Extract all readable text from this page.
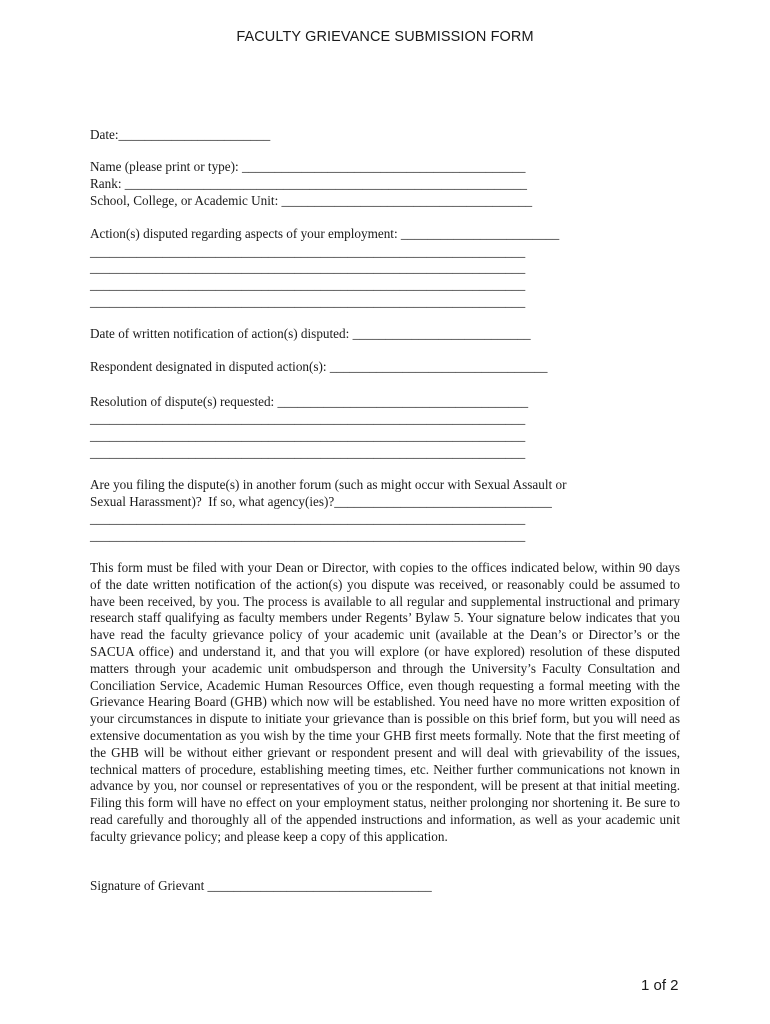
FACULTY GRIEVANCE SUBMISSION FORM
Date:_______________________
Name (please print or type): ___________________________________________
Rank: _____________________________________________________________
School, College, or Academic Unit: ______________________________________
Action(s) disputed regarding aspects of your employment: ________________________
__________________________________________________________________
__________________________________________________________________
__________________________________________________________________
__________________________________________________________________
Date of written notification of action(s) disputed: ___________________________
Respondent designated in disputed action(s): _________________________________
Resolution of dispute(s) requested: ______________________________________
__________________________________________________________________
__________________________________________________________________
__________________________________________________________________
Are you filing the dispute(s) in another forum (such as might occur with Sexual Assault or
Sexual Harassment)?  If so, what agency(ies)?_________________________________
__________________________________________________________________
__________________________________________________________________
This form must be filed with your Dean or Director, with copies to the offices indicated below, within 90 days of the date written notification of the action(s) you dispute was received, or reasonably could be assumed to have been received, by you. The process is available to all regular and supplemental instructional and primary research staff qualifying as faculty members under Regents’ Bylaw 5. Your signature below indicates that you have read the faculty grievance policy of your academic unit (available at the Dean’s or Director’s or the SACUA office) and understand it, and that you will explore (or have explored) resolution of these disputed matters through your academic unit ombudsperson and through the University’s Faculty Consultation and Conciliation Service, Academic Human Resources Office, even though requesting a formal meeting with the Grievance Hearing Board (GHB) which now will be established. You need have no more written exposition of your circumstances in dispute to initiate your grievance than is possible on this brief form, but you will need as extensive documentation as you wish by the time your GHB first meets formally. Note that the first meeting of the GHB will be without either grievant or respondent present and will deal with grievability of the issues, technical matters of procedure, establishing meeting times, etc. Neither further communications not known in advance by you, nor counsel or representatives of you or the respondent, will be present at that initial meeting. Filing this form will have no effect on your employment status, neither prolonging nor shortening it. Be sure to read carefully and thoroughly all of the appended instructions and information, as well as your academic unit faculty grievance policy; and please keep a copy of this application.
Signature of Grievant __________________________________
1 of 2
